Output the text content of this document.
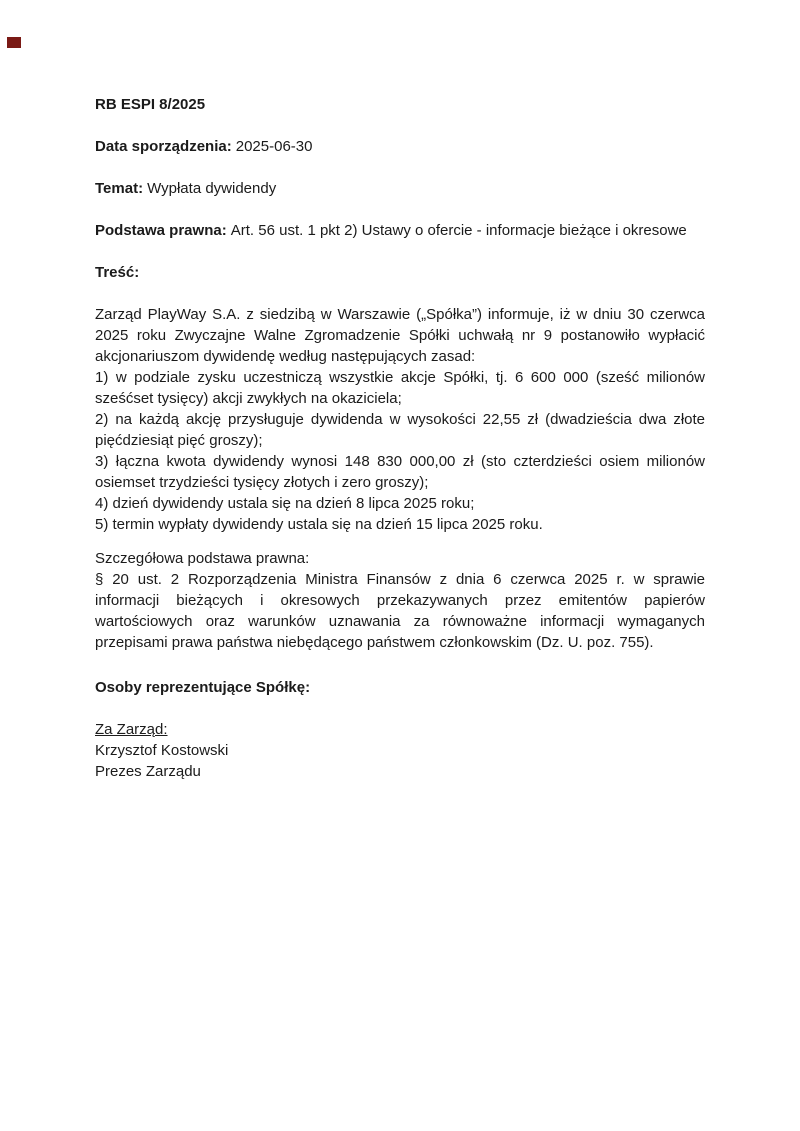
RB ESPI 8/2025

Data sporządzenia: 2025-06-30

Temat: Wypłata dywidendy

Podstawa prawna: Art. 56 ust. 1 pkt 2) Ustawy o ofercie - informacje bieżące i okresowe

Treść:

Zarząd PlayWay S.A. z siedzibą w Warszawie („Spółka”) informuje, iż w dniu 30 czerwca 2025 roku Zwyczajne Walne Zgromadzenie Spółki uchwałą nr 9 postanowiło wypłacić akcjonariuszom dywidendę według następujących zasad:

1) w podziale zysku uczestniczą wszystkie akcje Spółki, tj. 6 600 000 (sześć milionów sześćset tysięcy) akcji zwykłych na okaziciela;

2) na każdą akcję przysługuje dywidenda w wysokości 22,55 zł (dwadzieścia dwa złote pięćdziesiąt pięć groszy);

3) łączna kwota dywidendy wynosi 148 830 000,00 zł (sto czterdzieści osiem milionów osiemset trzydzieści tysięcy złotych i zero groszy);

4) dzień dywidendy ustala się na dzień 8 lipca 2025 roku;

5) termin wypłaty dywidendy ustala się na dzień 15 lipca 2025 roku.

Szczegółowa podstawa prawna:

§ 20 ust. 2 Rozporządzenia Ministra Finansów z dnia 6 czerwca 2025 r. w sprawie informacji bieżących i okresowych przekazywanych przez emitentów papierów wartościowych oraz warunków uznawania za równoważne informacji wymaganych przepisami prawa państwa niebędącego państwem członkowskim (Dz. U. poz. 755).

Osoby reprezentujące Spółkę:

Za Zarząd:

Krzysztof Kostowski

Prezes Zarządu
